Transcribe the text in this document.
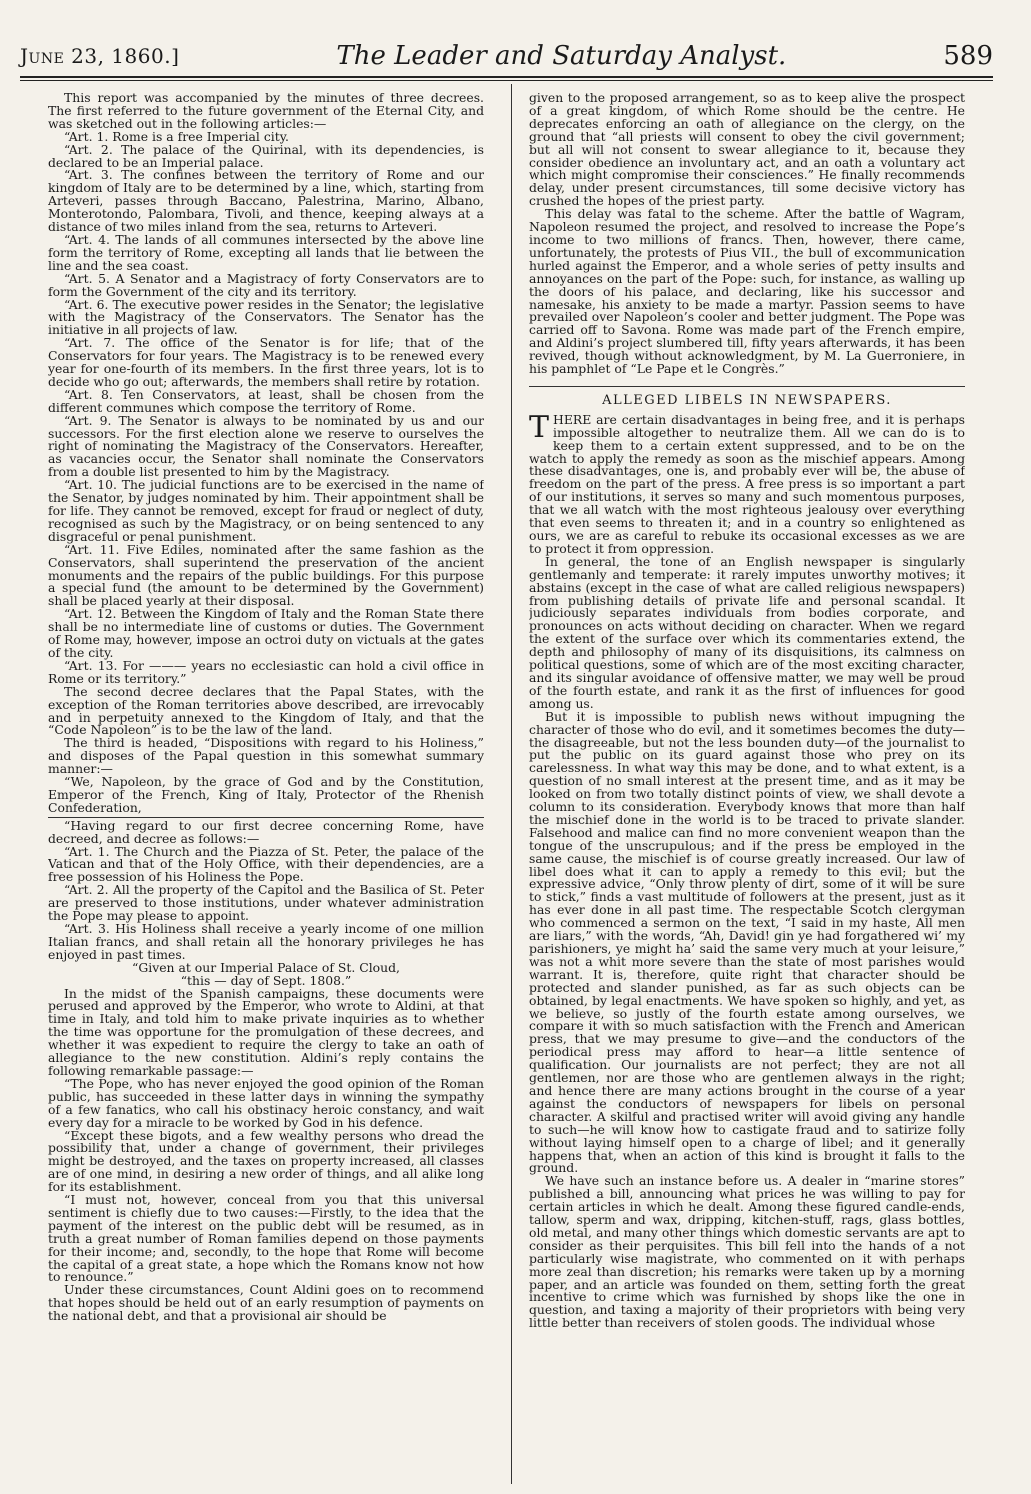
June 23, 1860.]	The Leader and Saturday Analyst.	589

This report was accompanied by the minutes of three decrees. The first referred to the future government of the Eternal City, and was sketched out in the following articles:—

“Art. 1. Rome is a free Imperial city.

“Art. 2. The palace of the Quirinal, with its dependencies, is declared to be an Imperial palace.

“Art. 3. The confines between the territory of Rome and our kingdom of Italy are to be determined by a line, which, starting from Arteveri, passes through Baccano, Palestrina, Marino, Albano, Monterotondo, Palombara, Tivoli, and thence, keeping always at a distance of two miles inland from the sea, returns to Arteveri.

“Art. 4. The lands of all communes intersected by the above line form the territory of Rome, excepting all lands that lie between the line and the sea coast.

“Art. 5. A Senator and a Magistracy of forty Conservators are to form the Government of the city and its territory.

“Art. 6. The executive power resides in the Senator; the legislative with the Magistracy of the Conservators. The Senator has the initiative in all projects of law.

“Art. 7. The office of the Senator is for life; that of the Conservators for four years. The Magistracy is to be renewed every year for one-fourth of its members. In the first three years, lot is to decide who go out; afterwards, the members shall retire by rotation.

“Art. 8. Ten Conservators, at least, shall be chosen from the different communes which compose the territory of Rome.

“Art. 9. The Senator is always to be nominated by us and our successors. For the first election alone we reserve to ourselves the right of nominating the Magistracy of the Conservators. Hereafter, as vacancies occur, the Senator shall nominate the Conservators from a double list presented to him by the Magistracy.

“Art. 10. The judicial functions are to be exercised in the name of the Senator, by judges nominated by him. Their appointment shall be for life. They cannot be removed, except for fraud or neglect of duty, recognised as such by the Magistracy, or on being sentenced to any disgraceful or penal punishment.

“Art. 11. Five Ediles, nominated after the same fashion as the Conservators, shall superintend the preservation of the ancient monuments and the repairs of the public buildings. For this purpose a special fund (the amount to be determined by the Government) shall be placed yearly at their disposal.

“Art. 12. Between the Kingdom of Italy and the Roman State there shall be no intermediate line of customs or duties. The Government of Rome may, however, impose an octroi duty on victuals at the gates of the city.

“Art. 13. For ——— years no ecclesiastic can hold a civil office in Rome or its territory.”

The second decree declares that the Papal States, with the exception of the Roman territories above described, are irrevocably and in perpetuity annexed to the Kingdom of Italy, and that the “Code Napoleon” is to be the law of the land.

The third is headed, “Dispositions with regard to his Holiness,” and disposes of the Papal question in this somewhat summary manner:—

“We, Napoleon, by the grace of God and by the Constitution, Emperor of the French, King of Italy, Protector of the Rhenish Confederation,

“Having regard to our first decree concerning Rome, have decreed, and decree as follows:—

“Art. 1. The Church and the Piazza of St. Peter, the palace of the Vatican and that of the Holy Office, with their dependencies, are a free possession of his Holiness the Pope.

“Art. 2. All the property of the Capitol and the Basilica of St. Peter are preserved to those institutions, under whatever administration the Pope may please to appoint.

“Art. 3. His Holiness shall receive a yearly income of one million Italian francs, and shall retain all the honorary privileges he has enjoyed in past times.

“Given at our Imperial Palace of St. Cloud,

“this — day of Sept. 1808.”

In the midst of the Spanish campaigns, these documents were perused and approved by the Emperor, who wrote to Aldini, at that time in Italy, and told him to make private inquiries as to whether the time was opportune for the promulgation of these decrees, and whether it was expedient to require the clergy to take an oath of allegiance to the new constitution. Aldini’s reply contains the following remarkable passage:—

“The Pope, who has never enjoyed the good opinion of the Roman public, has succeeded in these latter days in winning the sympathy of a few fanatics, who call his obstinacy heroic constancy, and wait every day for a miracle to be worked by God in his defence.

“Except these bigots, and a few wealthy persons who dread the possibility that, under a change of government, their privileges might be destroyed, and the taxes on property increased, all classes are of one mind, in desiring a new order of things, and all alike long for its establishment.

“I must not, however, conceal from you that this universal sentiment is chiefly due to two causes:—Firstly, to the idea that the payment of the interest on the public debt will be resumed, as in truth a great number of Roman families depend on those payments for their income; and, secondly, to the hope that Rome will become the capital of a great state, a hope which the Romans know not how to renounce.”

Under these circumstances, Count Aldini goes on to recommend that hopes should be held out of an early resumption of payments on the national debt, and that a provisional air should be

given to the proposed arrangement, so as to keep alive the prospect of a great kingdom, of which Rome should be the centre. He deprecates enforcing an oath of allegiance on the clergy, on the ground that “all priests will consent to obey the civil government; but all will not consent to swear allegiance to it, because they consider obedience an involuntary act, and an oath a voluntary act which might compromise their consciences.” He finally recommends delay, under present circumstances, till some decisive victory has crushed the hopes of the priest party.

This delay was fatal to the scheme. After the battle of Wagram, Napoleon resumed the project, and resolved to increase the Pope’s income to two millions of francs. Then, however, there came, unfortunately, the protests of Pius VII., the bull of excommunication hurled against the Emperor, and a whole series of petty insults and annoyances on the part of the Pope: such, for instance, as walling up the doors of his palace, and declaring, like his successor and namesake, his anxiety to be made a martyr. Passion seems to have prevailed over Napoleon’s cooler and better judgment. The Pope was carried off to Savona. Rome was made part of the French empire, and Aldini’s project slumbered till, fifty years afterwards, it has been revived, though without acknowledgment, by M. La Guerroniere, in his pamphlet of “Le Pape et le Congrès.”

ALLEGED LIBELS IN NEWSPAPERS.

THERE are certain disadvantages in being free, and it is perhaps impossible altogether to neutralize them. All we can do is to keep them to a certain extent suppressed, and to be on the watch to apply the remedy as soon as the mischief appears. Among these disadvantages, one is, and probably ever will be, the abuse of freedom on the part of the press. A free press is so important a part of our institutions, it serves so many and such momentous purposes, that we all watch with the most righteous jealousy over everything that even seems to threaten it; and in a country so enlightened as ours, we are as careful to rebuke its occasional excesses as we are to protect it from oppression.

In general, the tone of an English newspaper is singularly gentlemanly and temperate: it rarely imputes unworthy motives; it abstains (except in the case of what are called religious newspapers) from publishing details of private life and personal scandal. It judiciously separates individuals from bodies corporate, and pronounces on acts without deciding on character. When we regard the extent of the surface over which its commentaries extend, the depth and philosophy of many of its disquisitions, its calmness on political questions, some of which are of the most exciting character, and its singular avoidance of offensive matter, we may well be proud of the fourth estate, and rank it as the first of influences for good among us.

But it is impossible to publish news without impugning the character of those who do evil, and it sometimes becomes the duty—the disagreeable, but not the less bounden duty—of the journalist to put the public on its guard against those who prey on its carelessness. In what way this may be done, and to what extent, is a question of no small interest at the present time, and as it may be looked on from two totally distinct points of view, we shall devote a column to its consideration. Everybody knows that more than half the mischief done in the world is to be traced to private slander. Falsehood and malice can find no more convenient weapon than the tongue of the unscrupulous; and if the press be employed in the same cause, the mischief is of course greatly increased. Our law of libel does what it can to apply a remedy to this evil; but the expressive advice, “Only throw plenty of dirt, some of it will be sure to stick,” finds a vast multitude of followers at the present, just as it has ever done in all past time. The respectable Scotch clergyman who commenced a sermon on the text, “I said in my haste, All men are liars,” with the words, “Ah, David! gin ye had forgathered wi’ my parishioners, ye might ha’ said the same very much at your leisure,” was not a whit more severe than the state of most parishes would warrant. It is, therefore, quite right that character should be protected and slander punished, as far as such objects can be obtained, by legal enactments. We have spoken so highly, and yet, as we believe, so justly of the fourth estate among ourselves, we compare it with so much satisfaction with the French and American press, that we may presume to give—and the conductors of the periodical press may afford to hear—a little sentence of qualification. Our journalists are not perfect; they are not all gentlemen, nor are those who are gentlemen always in the right; and hence there are many actions brought in the course of a year against the conductors of newspapers for libels on personal character. A skilful and practised writer will avoid giving any handle to such—he will know how to castigate fraud and to satirize folly without laying himself open to a charge of libel; and it generally happens that, when an action of this kind is brought it falls to the ground.

We have such an instance before us. A dealer in “marine stores” published a bill, announcing what prices he was willing to pay for certain articles in which he dealt. Among these figured candle-ends, tallow, sperm and wax, dripping, kitchen-stuff, rags, glass bottles, old metal, and many other things which domestic servants are apt to consider as their perquisites. This bill fell into the hands of a not particularly wise magistrate, who commented on it with perhaps more zeal than discretion; his remarks were taken up by a morning paper, and an article was founded on them, setting forth the great incentive to crime which was furnished by shops like the one in question, and taxing a majority of their proprietors with being very little better than receivers of stolen goods. The individual whose
